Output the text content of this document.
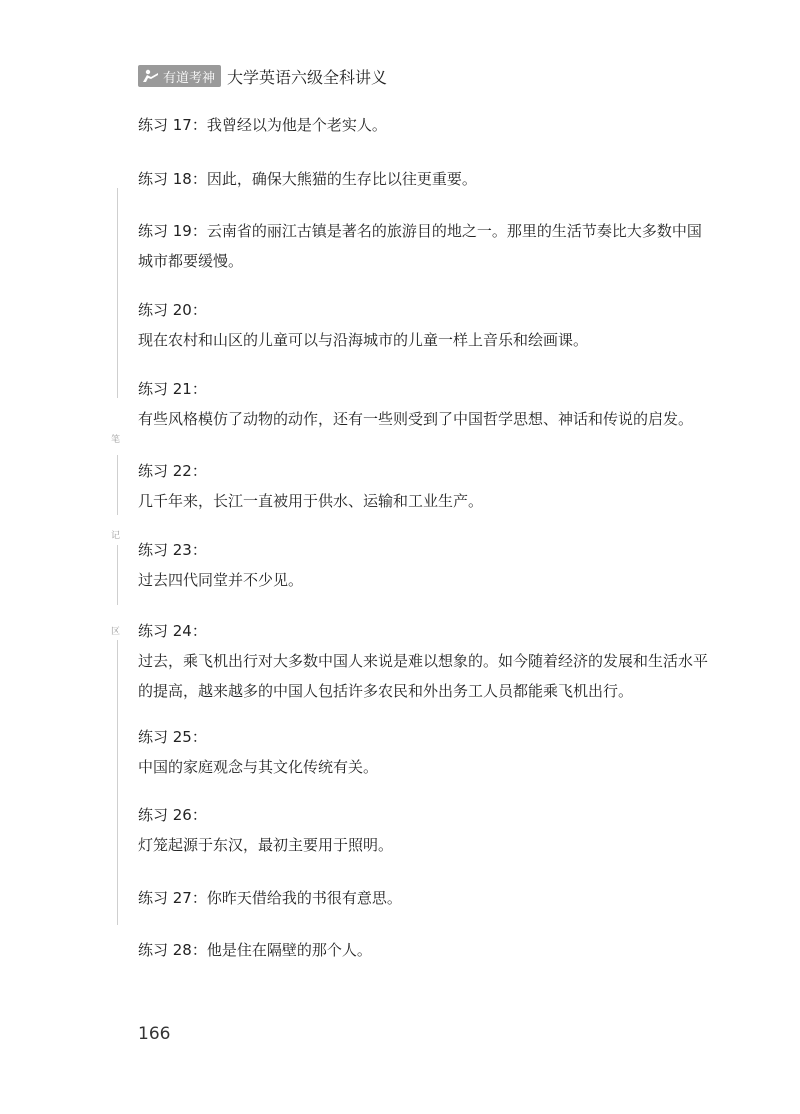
有道考神 大学英语六级全科讲义
笔
记
区

练习 17：我曾经以为他是个老实人。

练习 18：因此，确保大熊猫的生存比以往更重要。

练习 19：云南省的丽江古镇是著名的旅游目的地之一。那里的生活节奏比大多数中国

城市都要缓慢。

练习 20：

现在农村和山区的儿童可以与沿海城市的儿童一样上音乐和绘画课。

练习 21：

有些风格模仿了动物的动作，还有一些则受到了中国哲学思想、神话和传说的启发。

练习 22：

几千年来，长江一直被用于供水、运输和工业生产。

练习 23：

过去四代同堂并不少见。

练习 24：

过去，乘飞机出行对大多数中国人来说是难以想象的。如今随着经济的发展和生活水平

的提高，越来越多的中国人包括许多农民和外出务工人员都能乘飞机出行。

练习 25：

中国的家庭观念与其文化传统有关。

练习 26：

灯笼起源于东汉，最初主要用于照明。

练习 27：你昨天借给我的书很有意思。

练习 28：他是住在隔壁的那个人。

166
